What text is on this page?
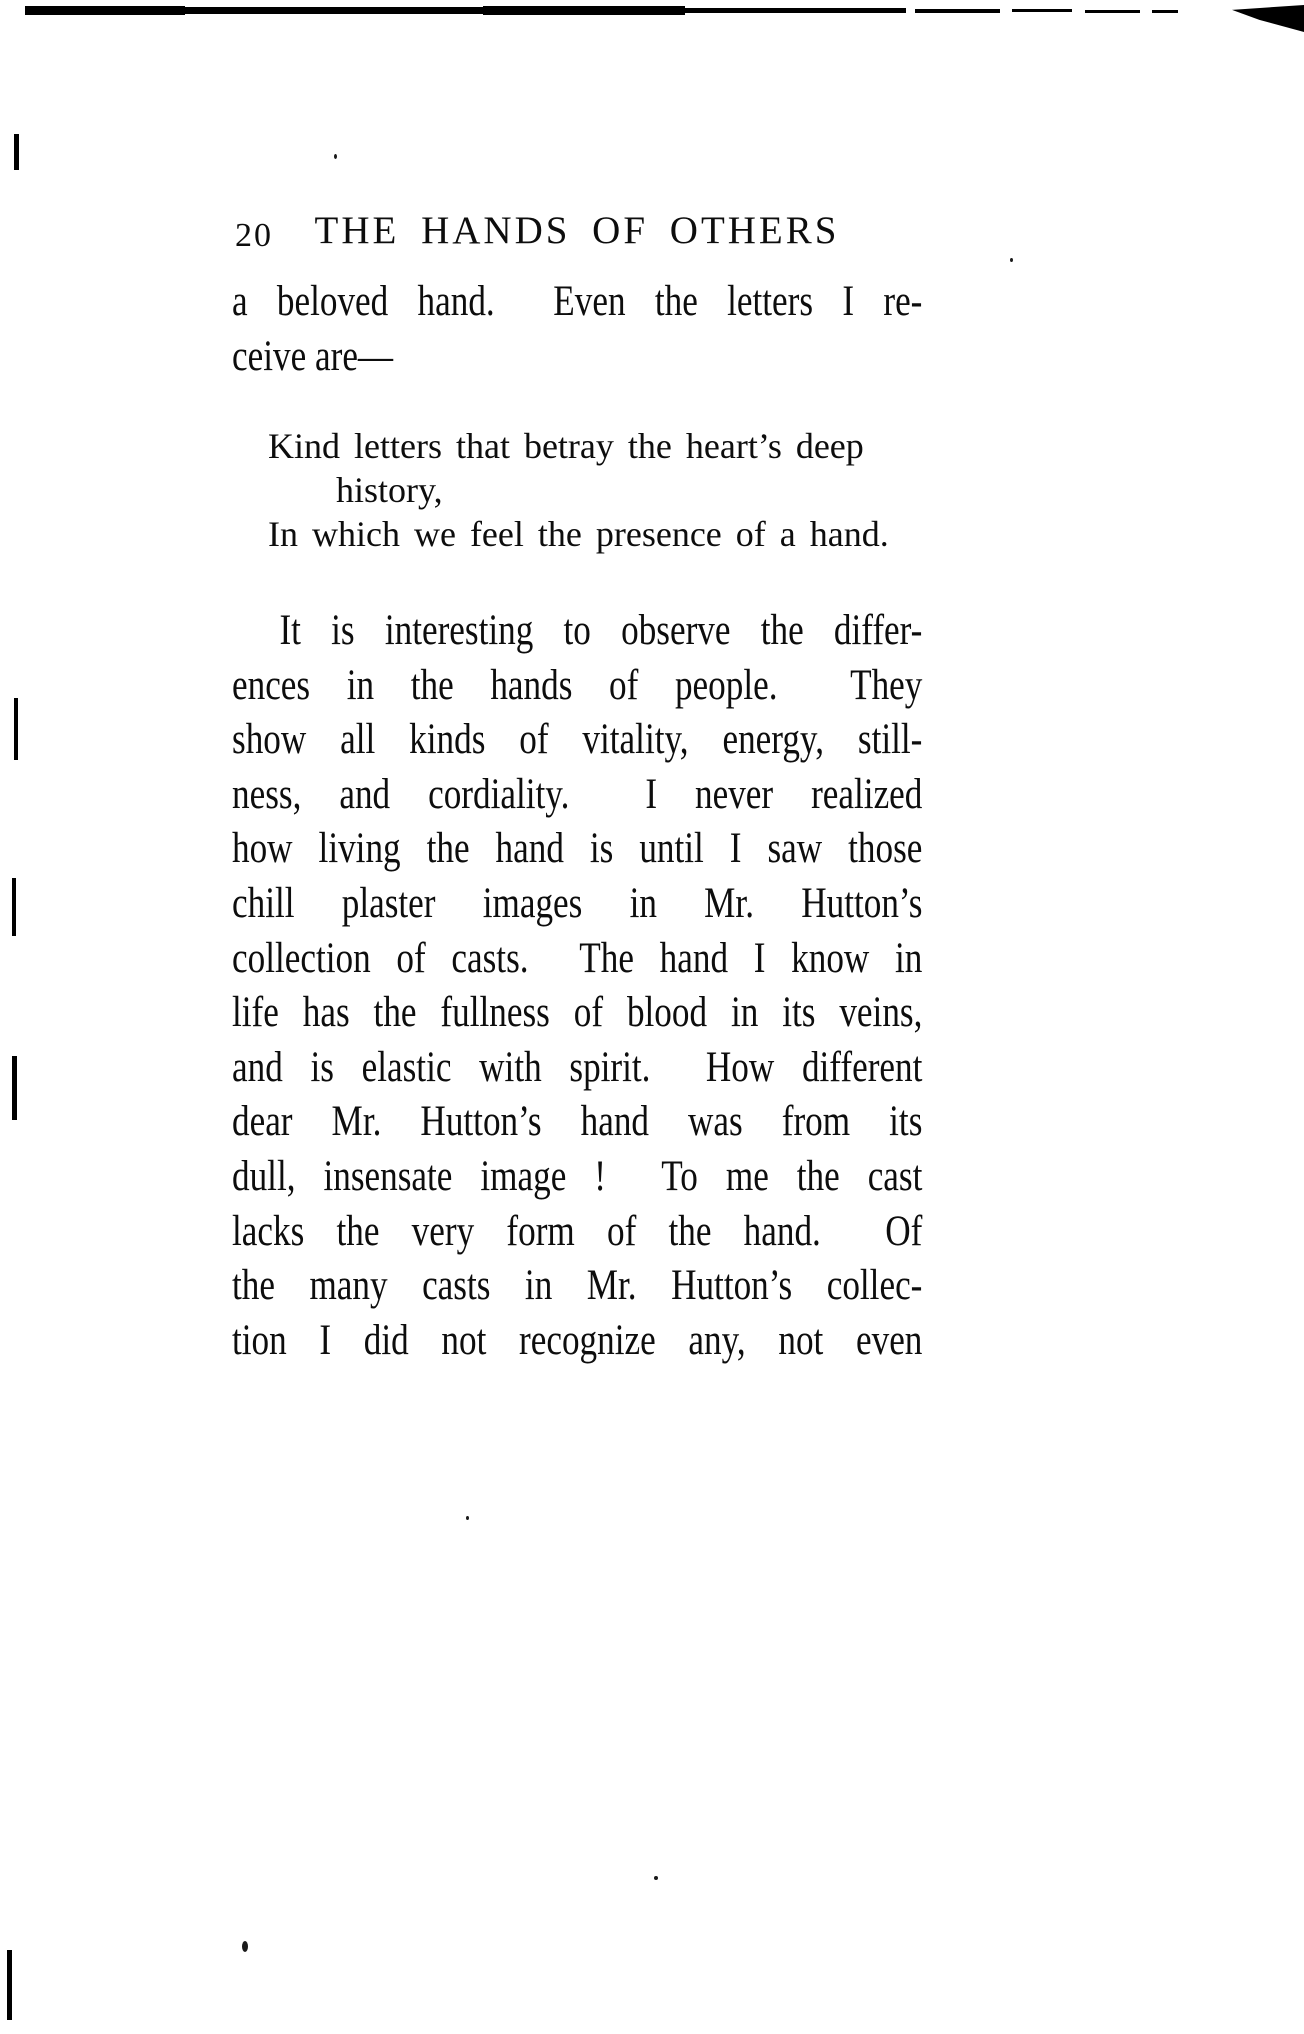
20	THE HANDS OF OTHERS
a beloved hand.  Even the letters I re-
ceive are—
Kind letters that betray the heart’s deep
history,
In which we feel the presence of a hand.
It is interesting to observe the differ-
ences in the hands of people.  They
show all kinds of vitality, energy, still-
ness, and cordiality.  I never realized
how living the hand is until I saw those
chill plaster images in Mr. Hutton’s
collection of casts.  The hand I know in
life has the fullness of blood in its veins,
and is elastic with spirit.  How different
dear Mr. Hutton’s hand was from its
dull, insensate image !  To me the cast
lacks the very form of the hand.  Of
the many casts in Mr. Hutton’s collec-
tion I did not recognize any, not even
